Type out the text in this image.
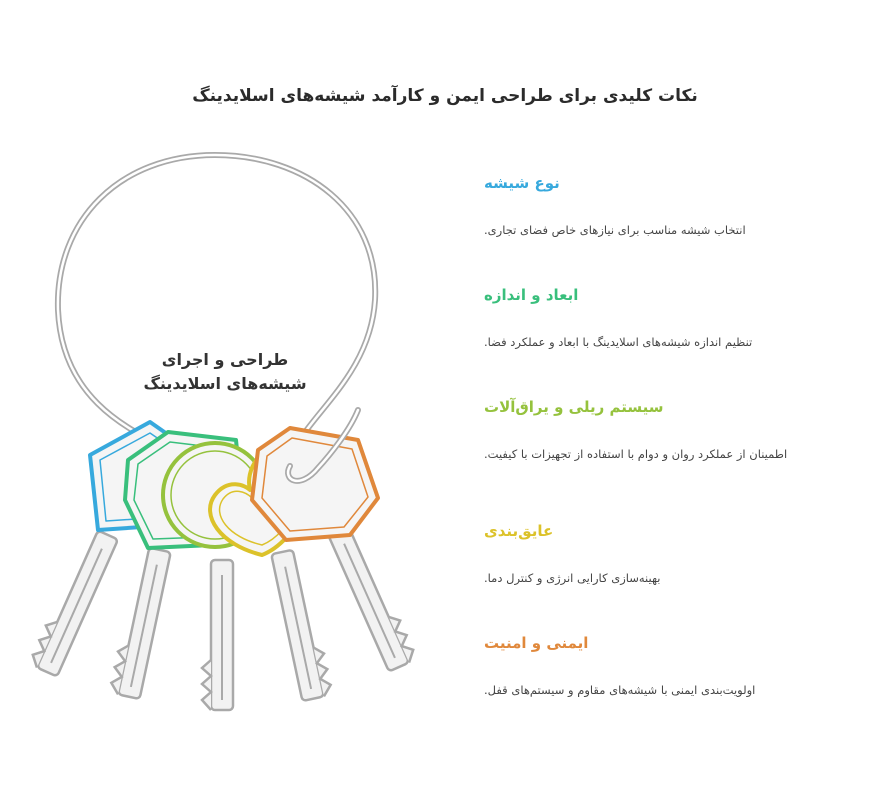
نکات کلیدی برای طراحی ایمن و کارآمد شیشه‌های اسلایدینگ
طراحی و اجرای شیشه‌های اسلایدینگ
نوع شیشه
انتخاب شیشه مناسب برای نیازهای خاص فضای تجاری.
ابعاد و اندازه
تنظیم اندازه شیشه‌های اسلایدینگ با ابعاد و عملکرد فضا.
سیستم ریلی و یراق‌آلات
اطمینان از عملکرد روان و دوام با استفاده از تجهیزات با کیفیت.
عایق‌بندی
بهینه‌سازی کارایی انرژی و کنترل دما.
ایمنی و امنیت
اولویت‌بندی ایمنی با شیشه‌های مقاوم و سیستم‌های قفل.
